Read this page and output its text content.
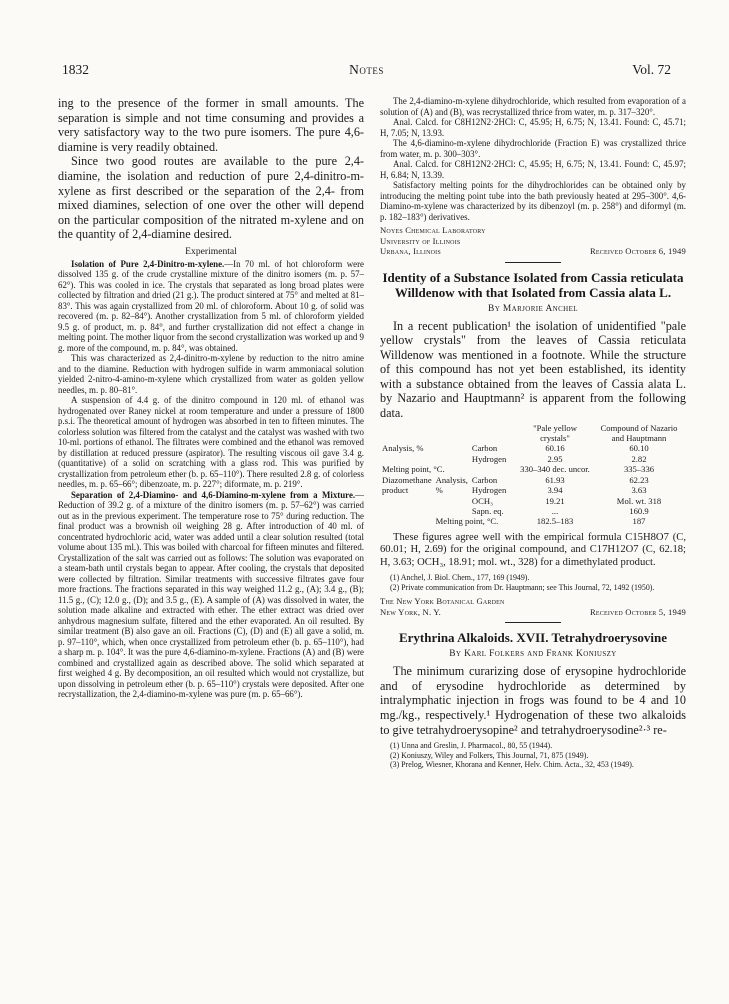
1832	Notes	Vol. 72

ing to the presence of the former in small amounts. The separation is simple and not time consuming and provides a very satisfactory way to the two pure isomers. The pure 4,6-diamine is very readily obtained.

Since two good routes are available to the pure 2,4-diamine, the isolation and reduction of pure 2,4-dinitro-m-xylene as first described or the separation of the 2,4- from mixed diamines, selection of one over the other will depend on the particular composition of the nitrated m-xylene and on the quantity of 2,4-diamine desired.

Experimental

Isolation of Pure 2,4-Dinitro-m-xylene.—In 70 ml. of hot chloroform were dissolved 135 g. of the crude crystalline mixture of the dinitro isomers (m. p. 57–62°). This was cooled in ice. The crystals that separated as long broad plates were collected by filtration and dried (21 g.). The product sintered at 75° and melted at 81–83°. This was again crystallized from 20 ml. of chloroform. About 10 g. of solid was recovered (m. p. 82–84°). Another crystallization from 5 ml. of chloroform yielded 9.5 g. of product, m. p. 84°, and further crystallization did not effect a change in melting point. The mother liquor from the second crystallization was worked up and 9 g. more of the compound, m. p. 84°, was obtained.

This was characterized as 2,4-dinitro-m-xylene by reduction to the nitro amine and to the diamine. Reduction with hydrogen sulfide in warm ammoniacal solution yielded 2-nitro-4-amino-m-xylene which crystallized from water as golden yellow needles, m. p. 80–81°.

A suspension of 4.4 g. of the dinitro compound in 120 ml. of ethanol was hydrogenated over Raney nickel at room temperature and under a pressure of 1800 p.s.i. The theoretical amount of hydrogen was absorbed in ten to fifteen minutes. The colorless solution was filtered from the catalyst and the catalyst was washed with two 10-ml. portions of ethanol. The filtrates were combined and the ethanol was removed by distillation at reduced pressure (aspirator). The resulting viscous oil gave 3.4 g. (quantitative) of a solid on scratching with a glass rod. This was purified by crystallization from petroleum ether (b. p. 65–110°). There resulted 2.8 g. of colorless needles, m. p. 65–66°; dibenzoate, m. p. 227°; diformate, m. p. 219°.

Separation of 2,4-Diamino- and 4,6-Diamino-m-xylene from a Mixture.—Reduction of 39.2 g. of a mixture of the dinitro isomers (m. p. 57–62°) was carried out as in the previous experiment. The temperature rose to 75° during reduction. The final product was a brownish oil weighing 28 g. After introduction of 40 ml. of concentrated hydrochloric acid, water was added until a clear solution resulted (total volume about 135 ml.). This was boiled with charcoal for fifteen minutes and filtered. Crystallization of the salt was carried out as follows: The solution was evaporated on a steam-bath until crystals began to appear. After cooling, the crystals that deposited were collected by filtration. Similar treatments with successive filtrates gave four more fractions. The fractions separated in this way weighed 11.2 g., (A); 3.4 g., (B); 11.5 g., (C); 12.0 g., (D); and 3.5 g., (E). A sample of (A) was dissolved in water, the solution made alkaline and extracted with ether. The ether extract was dried over anhydrous magnesium sulfate, filtered and the ether evaporated. An oil resulted. By similar treatment (B) also gave an oil. Fractions (C), (D) and (E) all gave a solid, m. p. 97–110°, which, when once crystallized from petroleum ether (b. p. 65–110°), had a sharp m. p. 104°. It was the pure 4,6-diamino-m-xylene. Fractions (A) and (B) were combined and crystallized again as described above. The solid which separated at first weighed 4 g. By decomposition, an oil resulted which would not crystallize, but upon dissolving in petroleum ether (b. p. 65–110°) crystals were deposited. After one recrystallization, the 2,4-diamino-m-xylene was pure (m. p. 65–66°).

The 2,4-diamino-m-xylene dihydrochloride, which resulted from evaporation of a solution of (A) and (B), was recrystallized thrice from water, m. p. 317–320°.

Anal. Calcd. for C8H12N2·2HCl: C, 45.95; H, 6.75; N, 13.41. Found: C, 45.71; H, 7.05; N, 13.93.

The 4,6-diamino-m-xylene dihydrochloride (Fraction E) was crystallized thrice from water, m. p. 300–303°.

Anal. Calcd. for C8H12N2·2HCl: C, 45.95; H, 6.75; N, 13.41. Found: C, 45.97; H, 6.84; N, 13.39.

Satisfactory melting points for the dihydrochlorides can be obtained only by introducing the melting point tube into the bath previously heated at 295–300°. 4,6-Diamino-m-xylene was characterized by its dibenzoyl (m. p. 258°) and diformyl (m. p. 182–183°) derivatives.

Noyes Chemical Laboratory
University of Illinois
Urbana, Illinois	Received October 6, 1949
Identity of a Substance Isolated from Cassia reticulata Willdenow with that Isolated from Cassia alata L.
By Marjorie Anchel

In a recent publication¹ the isolation of unidentified "pale yellow crystals" from the leaves of Cassia reticulata Willdenow was mentioned in a footnote. While the structure of this compound has not yet been established, its identity with a substance obtained from the leaves of Cassia alata L. by Nazario and Hauptmann² is apparent from the following data.

			"Pale yellow crystals"	Compound of Nazario and Hauptmann
Analysis, %		Carbon	60.16	60.10
		Hydrogen	2.95	2.82
Melting point, °C.			330–340 dec. uncor.	335–336
Diazomethane product	Analysis, %	Carbon	61.93	62.23
		Hydrogen	3.94	3.63
		OCH₃	19.21	Mol. wt. 318
		Sapn. eq.	...	160.9
	Melting point, °C.		182.5–183	187

These figures agree well with the empirical formula C15H8O7 (C, 60.01; H, 2.69) for the original compound, and C17H12O7 (C, 62.18; H, 3.63; OCH₃, 18.91; mol. wt., 328) for a dimethylated product.

(1) Anchel, J. Biol. Chem., 177, 169 (1949).

(2) Private communication from Dr. Hauptmann; see This Journal, 72, 1492 (1950).

The New York Botanical Garden
New York, N. Y.	Received October 5, 1949
Erythrina Alkaloids. XVII. Tetrahydroerysovine
By Karl Folkers and Frank Koniuszy

The minimum curarizing dose of erysopine hydrochloride and of erysodine hydrochloride as determined by intralymphatic injection in frogs was found to be 4 and 10 mg./kg., respectively.¹ Hydrogenation of these two alkaloids to give tetrahydroerysopine² and tetrahydroerysodine²·³ re-

(1) Unna and Greslin, J. Pharmacol., 80, 55 (1944).

(2) Koniuszy, Wiley and Folkers, This Journal, 71, 875 (1949).

(3) Prelog, Wiesner, Khorana and Kenner, Helv. Chim. Acta., 32, 453 (1949).
